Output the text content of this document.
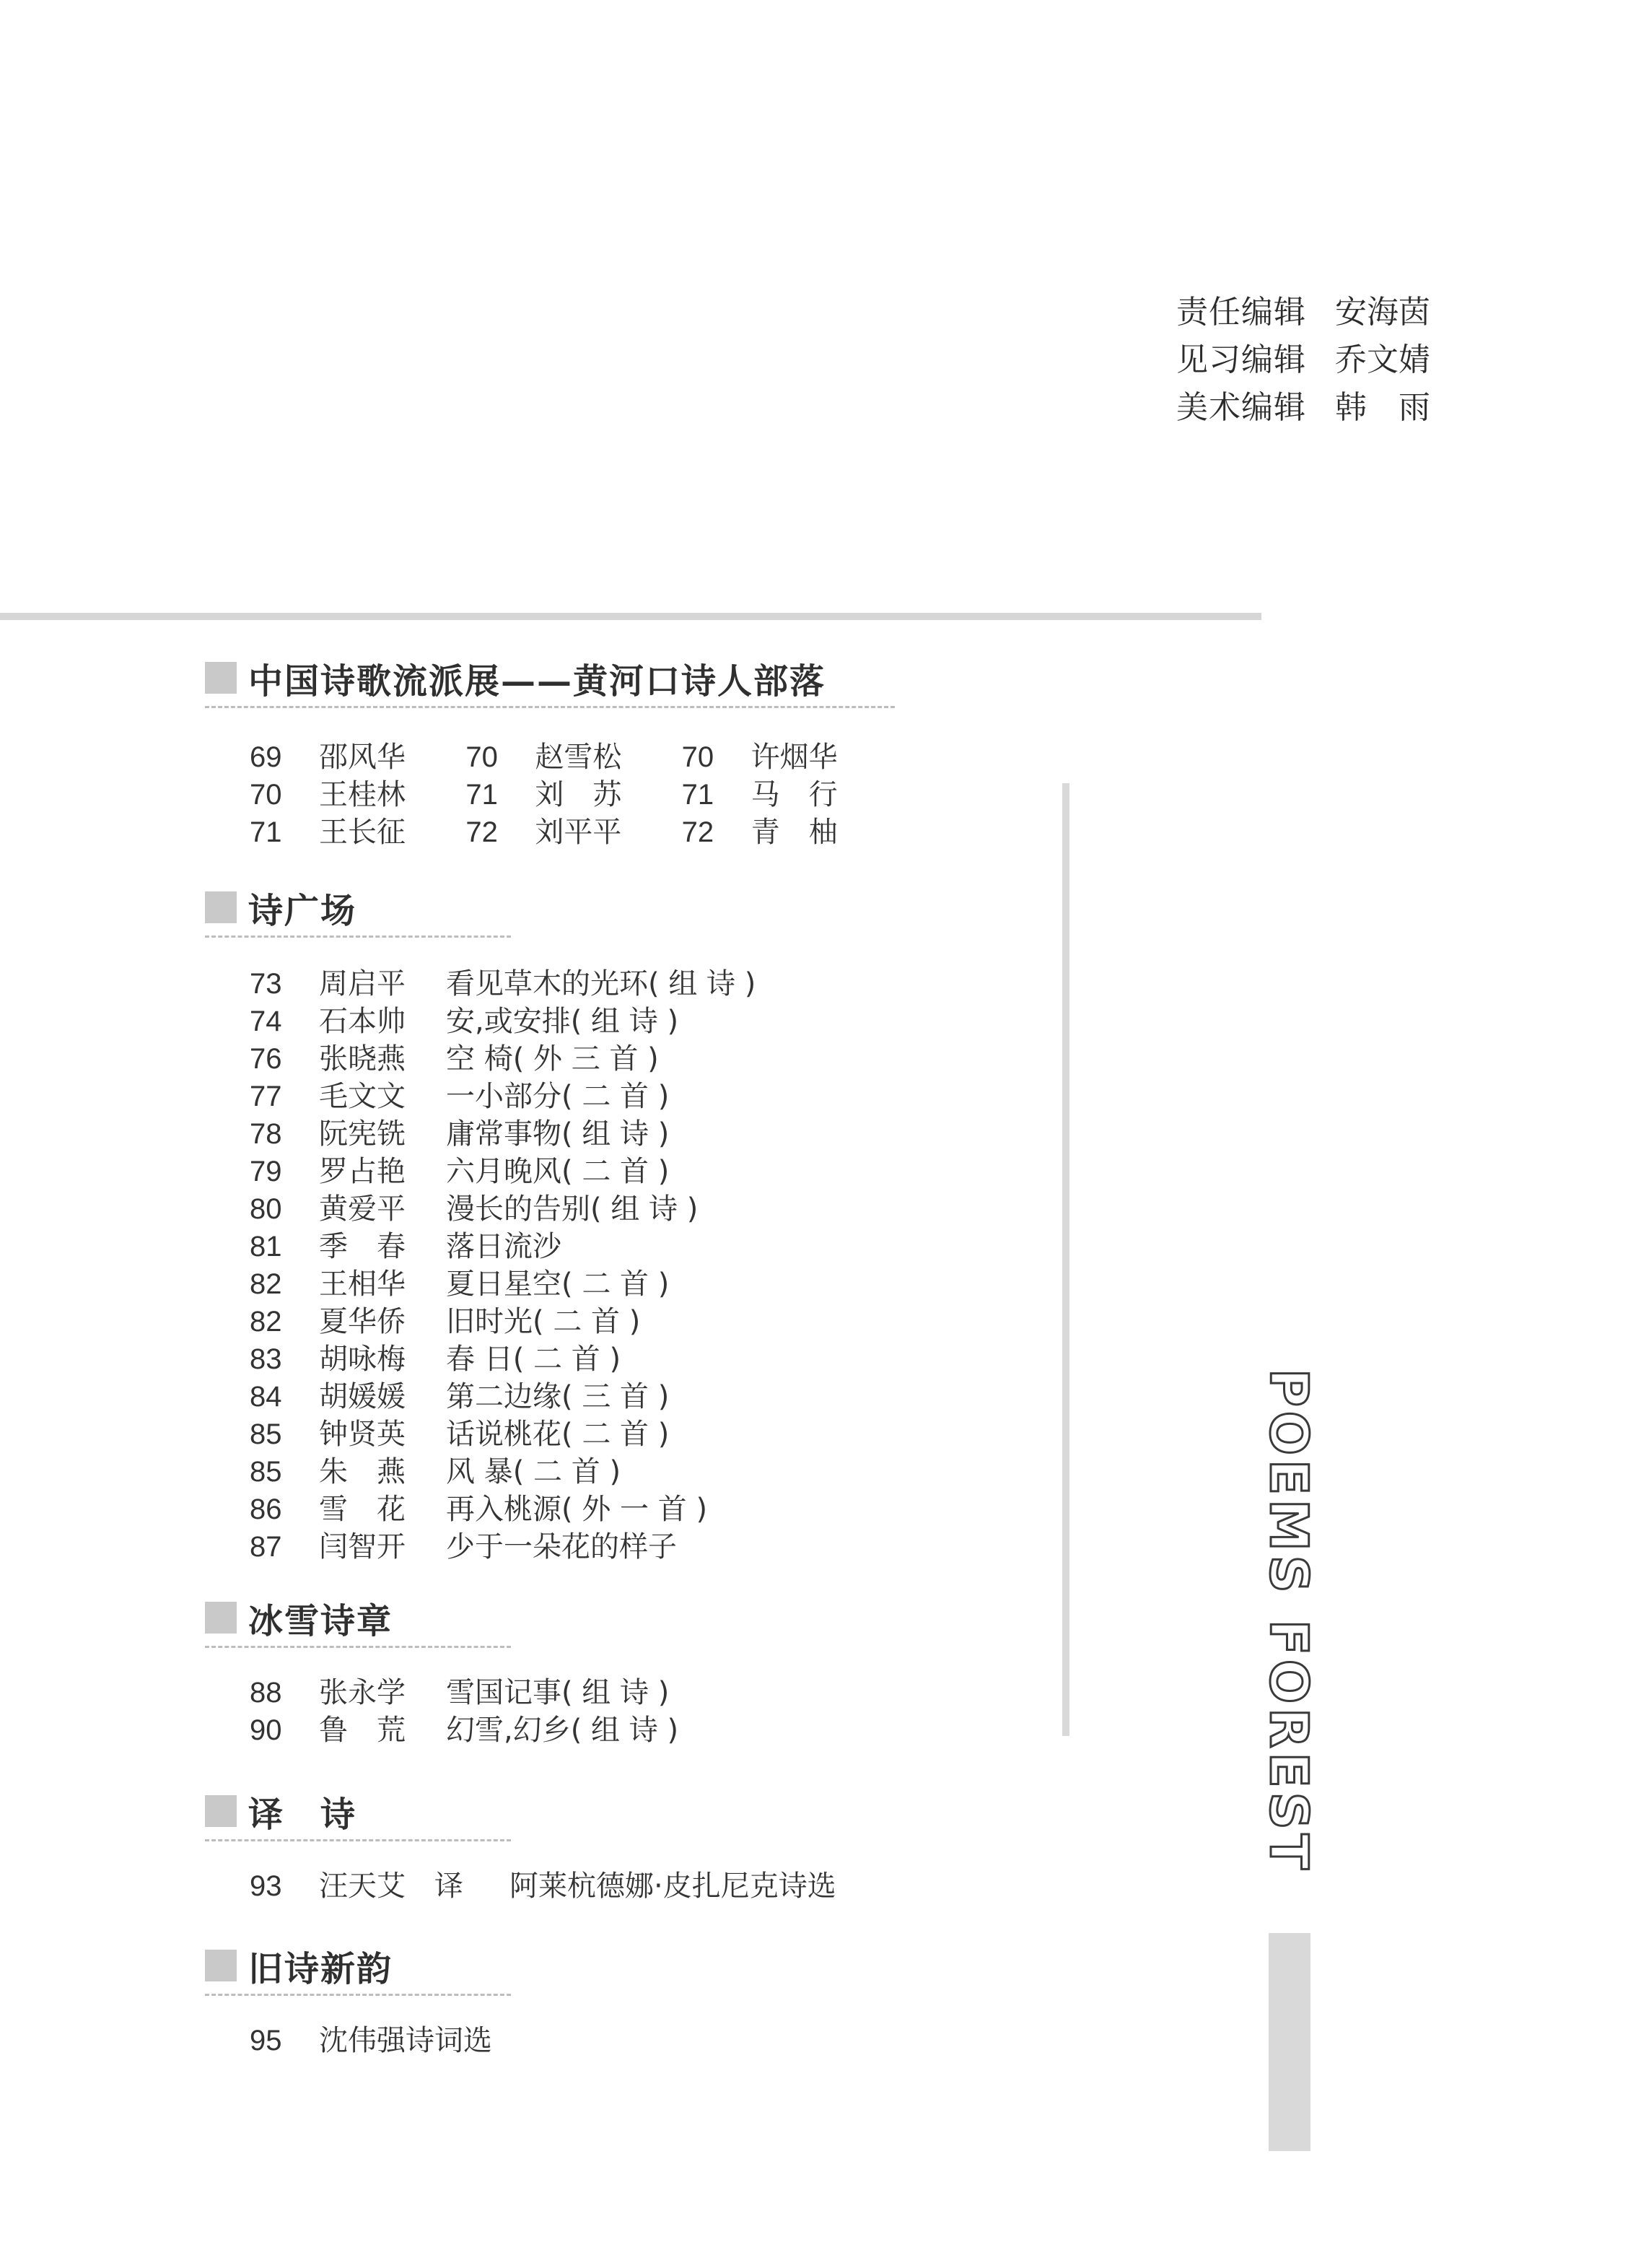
责任编辑 安海茵
见习编辑 乔文婧
美术编辑 韩　雨
POEMS FOREST
中国诗歌流派展——黄河口诗人部落
69	邵风华	70	赵雪松	70	许烟华
70	王桂林	71	刘　苏	71	马　行
71	王长征	72	刘平平	72	青　柚
诗广场
73	周启平	看见草木的光环( 组 诗 )
74	石本帅	安,或安排( 组 诗 )
76	张晓燕	空 椅( 外 三 首 )
77	毛文文	一小部分( 二 首 )
78	阮宪铣	庸常事物( 组 诗 )
79	罗占艳	六月晚风( 二 首 )
80	黄爱平	漫长的告别( 组 诗 )
81	季　春	落日流沙
82	王相华	夏日星空( 二 首 )
82	夏华侨	旧时光( 二 首 )
83	胡咏梅	春 日( 二 首 )
84	胡媛媛	第二边缘( 三 首 )
85	钟贤英	话说桃花( 二 首 )
85	朱　燕	风 暴( 二 首 )
86	雪　花	再入桃源( 外 一 首 )
87	闫智开	少于一朵花的样子
冰雪诗章
88	张永学	雪国记事( 组 诗 )
90	鲁　荒	幻雪,幻乡( 组 诗 )
译　诗
93	汪天艾　译	阿莱杭德娜·皮扎尼克诗选
旧诗新韵
95	沈伟强诗词选
